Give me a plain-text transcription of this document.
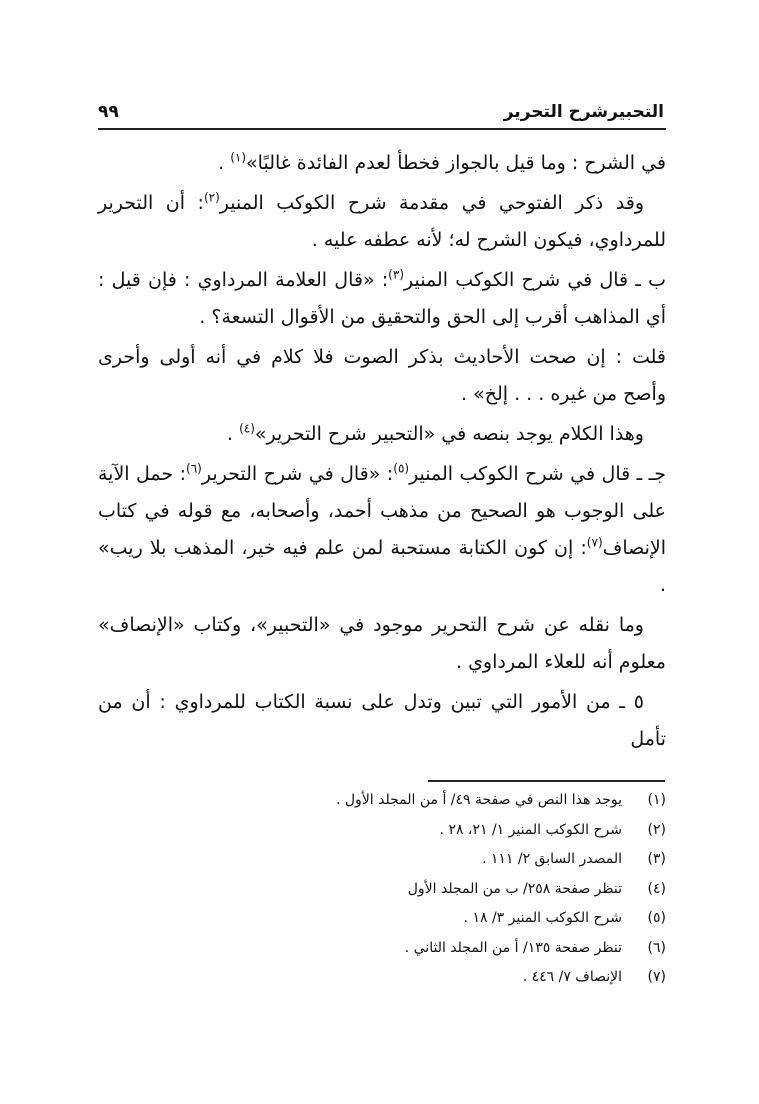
التحبيرشرح التحرير
٩٩

في الشرح : وما قيل بالجواز فخطأ لعدم الفائدة غالبًا»$^{(١)}$ .

وقد ذكر الفتوحي في مقدمة شرح الكوكب المنير$^{(٢)}$: أن التحرير للمرداوي، فيكون الشرح له؛ لأنه عطفه عليه .

ب ـ قال في شرح الكوكب المنير$^{(٣)}$: «قال العلامة المرداوي : فإن قيل : أي المذاهب أقرب إلى الحق والتحقيق من الأقوال التسعة؟ .

قلت : إن صحت الأحاديث بذكر الصوت فلا كلام في أنه أولى وأحرى وأصح من غيره . . . إلخ» .

وهذا الكلام يوجد بنصه في «التحبير شرح التحرير»$^{(٤)}$ .

جـ ـ قال في شرح الكوكب المنير$^{(٥)}$: «قال في شرح التحرير$^{(٦)}$: حمل الآية على الوجوب هو الصحيح من مذهب أحمد، وأصحابه، مع قوله في كتاب الإنصاف$^{(٧)}$: إن كون الكتابة مستحبة لمن علم فيه خير، المذهب بلا ريب» .

وما نقله عن شرح التحرير موجود في «التحبير»، وكتاب «الإنصاف» معلوم أنه للعلاء المرداوي .

٥ ـ من الأمور التي تبين وتدل على نسبة الكتاب للمرداوي : أن من تأمل

(١)
يوجد هذا النص في صفحة ٤٩/ أ من المجلد الأول .
(٢)
شرح الكوكب المنير ١/ ٢١، ٢٨ .
(٣)
المصدر السابق ٢/ ١١١ .
(٤)
تنظر صفحة ٢٥٨/ ب من المجلد الأول
(٥)
شرح الكوكب المنير ٣/ ١٨ .
(٦)
تنظر صفحة ١٣٥/ أ من المجلد الثاني .
(٧)
الإنصاف ٧/ ٤٤٦ .
